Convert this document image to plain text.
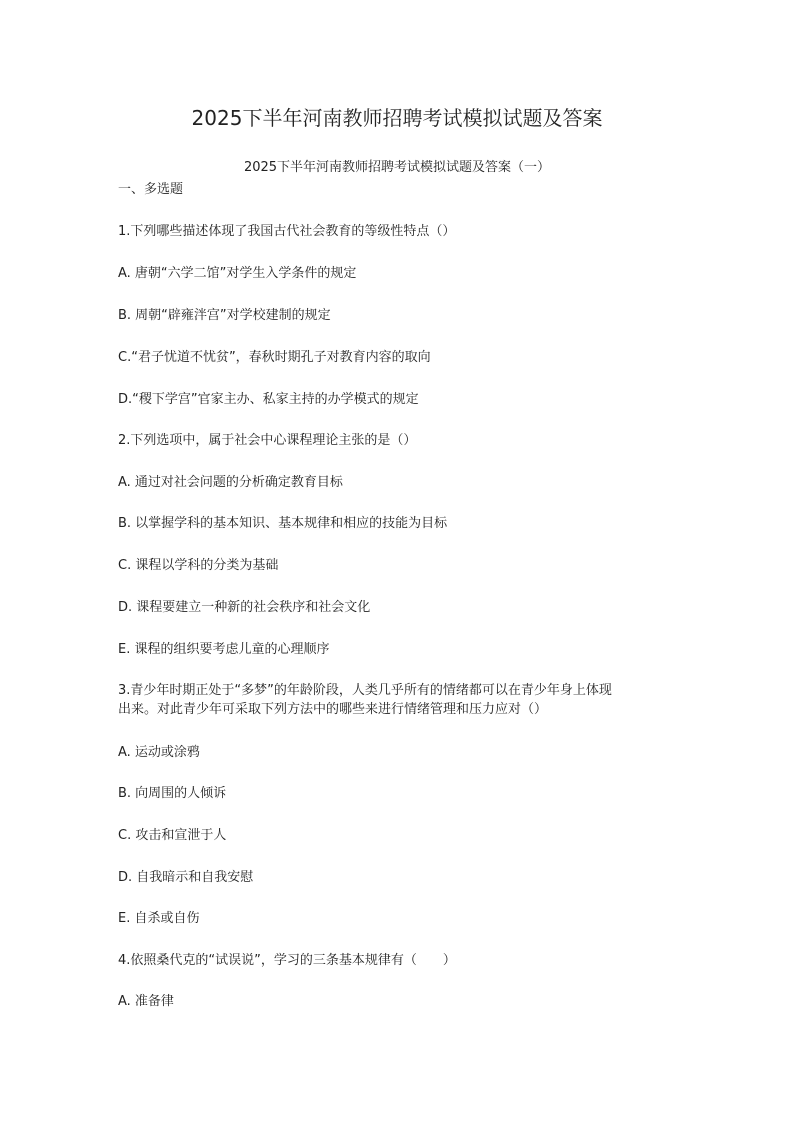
2025下半年河南教师招聘考试模拟试题及答案
2025下半年河南教师招聘考试模拟试题及答案（一）
一、多选题
1.下列哪些描述体现了我国古代社会教育的等级性特点（）
A. 唐朝“六学二馆”对学生入学条件的规定
B. 周朝“辟雍泮宫”对学校建制的规定
C.“君子忧道不忧贫”，春秋时期孔子对教育内容的取向
D.“稷下学宫”官家主办、私家主持的办学模式的规定
2.下列选项中，属于社会中心课程理论主张的是（）
A. 通过对社会问题的分析确定教育目标
B. 以掌握学科的基本知识、基本规律和相应的技能为目标
C. 课程以学科的分类为基础
D. 课程要建立一种新的社会秩序和社会文化
E. 课程的组织要考虑儿童的心理顺序
3.青少年时期正处于“多梦”的年龄阶段，人类几乎所有的情绪都可以在青少年身上体现
出来。对此青少年可采取下列方法中的哪些来进行情绪管理和压力应对（）
A. 运动或涂鸦
B. 向周围的人倾诉
C. 攻击和宣泄于人
D. 自我暗示和自我安慰
E. 自杀或自伤
4.依照桑代克的“试误说”，学习的三条基本规律有（　　）
A. 准备律
